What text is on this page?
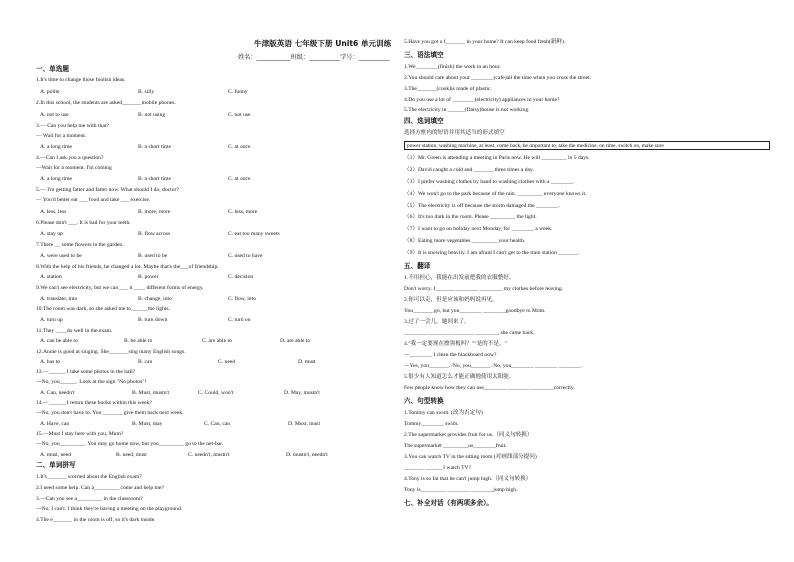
牛津版英语 七年级下册 Unit6 单元训练
姓名：___________班级：__________学号：__________
一、单选题
1.It's time to change those foolish ideas.
A. polite	B. silly	C. funny
2.In this school, the students are asked_______mobile phones.
A. not to use	B. not using	C. not use
3.— Can you help me with that?
— Wait for a moment.
A. a long time	B. a short time	C. at once
4.—Can I ask you a question?
—Wait for a moment. I'm coming
A. a long time	B. a short time	C. at once
5.— I'm getting fatter and fatter now. What should I do, doctor?
— You'd better eat ___ food and take ___ exercise.
A. less, less	B. more, more	C. less, more
6.Please don't ___. It is bad for your teeth.
A. stay up	B. flow across	C. eat too many sweets
7.There __ some flowers in the garden.
A. were used to be	B. used to be	C. used to have
8.With the help of his friends, he changed a lot. Maybe that's the___of friendship.
A. station	B. power	C. decision
9.We can't see electricity, but we can ___ it ____ different forms of energy.
A. translate, into	B. change, into	C. flow, into
10.The room was dark, so she asked me to______the lights.
A. turn up	B. turn down	C. turn on
11.They ____do well in the exam.
A. can be able to	B. be able to	C. are able to	D. are able to
12.Annie is good at singing. She_______sing many English songs.
A. has to	B. can	C. need	D. must
13.—______ I take some photos in the hall?
—No, you______. Look at the sign "No photos"!
A. Can, needn't	B. Must, mustn't	C. Could, won't	D. May, mustn't
14.—______ I return these books within this week?
—No, you don't have to. You _______ give them back next week.
A. Have, can	B. Must, may	C. Can, can	D. Must, must
15.—Must I stay here with you, Mum?
—No, you_________. You may go home now, but you_________ go to the net-bar.
A. must, need	B. need, must	C. needn't, mustn't	D. mustn't, needn't
二、单词拼写
1.It's_______ worried about the English exam?
2.I need some help. Can a_________ come and help me?
3.—Can you see a_________ in the classroom?
—No, I can't. I think they're having a meeting on the playground.
4.The e_______ in the room is off, so it's dark inside.
5.Have you got a f_______ in your home? It can keep food fresh(新鲜).
三、语法填空
1.We________(finish) the work in an hour.
2.You should care about your ________(cafe)all the time when you cross the street.
3.The_______(cook)is made of plastic.
4.Do you use a lot of ________(electricity) appliances in your home?
5.The electricity in ______(Daisy)house is not working.
四、选词填空
选择方框内的短语并用其适当的形式填空
power station, washing machine, at least, come back, be important to, take the medicine, on time, switch on, make sure
（1）Mr. Green is attending a meeting in Paris now. He will _________ in 5 days.
（2）David caught a cold and _______ three times a day.
（3）I prefer washing clothes by hand to washing clothes with a ________.
（4）We won't go to the park because of the rain. _________ everyone knows it.
（5）The electricity is off because the storm damaged the ________.
（6）It's too dark in the room. Please _________ the light.
（7）I want to go on holiday next Monday, for ________ a week.
（8）Eating more vegetables _________ your health.
（9）It is snowing heavily. I am afraid I can't get to the train station _______.
五、翻译
1.不用担心，我能在出发前把我的衣服整好。
Don't worry. I_______ ________ ________ my clothes before leaving.
2.你可以走，但是应该和妈妈说再见。
You_______ go, but you________ ________goodbye to Mom.
3.过了一会儿，她回来了。
________ ________ ________ ________, she came back.
4."我一定要现在擦黑板吗？""是的不是。"
—________ I clean the blackboard now?
—Yes, you_______. /No, you_______. No, you________ ________ ________.
5.很少有人知道怎么才能正确地使用太阳能。
Few people know how they can use________ ________ ________correctly.
六、句型转换
1.Tommy can swim. (改为否定句)
Tommy________ swim.
2.The supermarket provides fruit for us.（同义句转换）
The supermarket _________us________fruit.
3.You can watch TV in the sitting room.(对画线部分提问)
_______ ______ I watch TV?
4.Tony is so fat that he can't jump high.（同义句转换）
Tony is_________ ________ ________jump high.
七、补全对话（有两项多余）。
